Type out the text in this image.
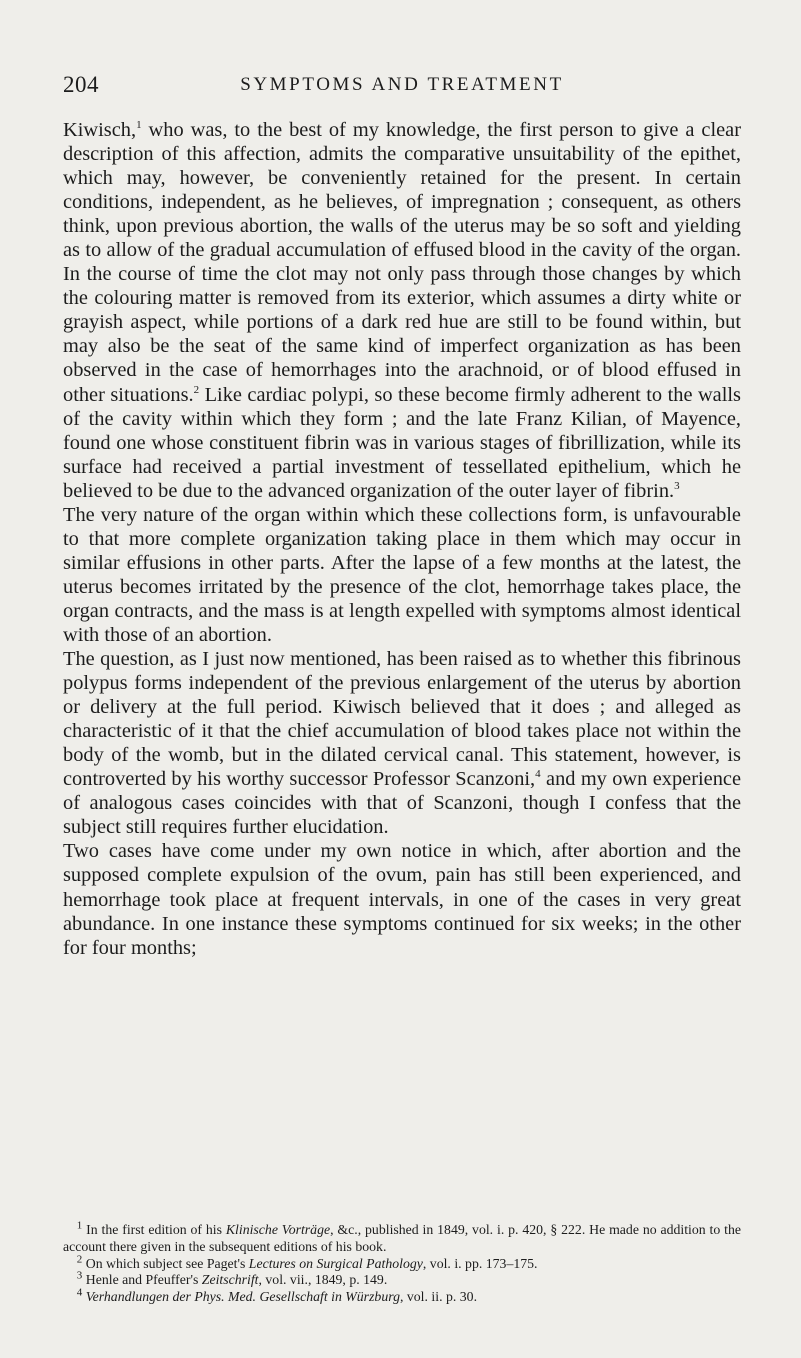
204	SYMPTOMS AND TREATMENT

Kiwisch,$^1$ who was, to the best of my knowledge, the first person to give a clear description of this affection, admits the comparative unsuitability of the epithet, which may, however, be conveniently retained for the present. In certain conditions, independent, as he believes, of impregnation ; consequent, as others think, upon previous abortion, the walls of the uterus may be so soft and yielding as to allow of the gradual accumulation of effused blood in the cavity of the organ. In the course of time the clot may not only pass through those changes by which the colouring matter is removed from its exterior, which assumes a dirty white or grayish aspect, while portions of a dark red hue are still to be found within, but may also be the seat of the same kind of imperfect organization as has been observed in the case of hemorrhages into the arachnoid, or of blood effused in other situations.$^2$ Like cardiac polypi, so these become firmly adherent to the walls of the cavity within which they form ; and the late Franz Kilian, of Mayence, found one whose constituent fibrin was in various stages of fibrillization, while its surface had received a partial investment of tessellated epithelium, which he believed to be due to the advanced organization of the outer layer of fibrin.$^3$

The very nature of the organ within which these collections form, is unfavourable to that more complete organization taking place in them which may occur in similar effusions in other parts. After the lapse of a few months at the latest, the uterus becomes irritated by the presence of the clot, hemorrhage takes place, the organ contracts, and the mass is at length expelled with symptoms almost identical with those of an abortion.

The question, as I just now mentioned, has been raised as to whether this fibrinous polypus forms independent of the previous enlargement of the uterus by abortion or delivery at the full period. Kiwisch believed that it does ; and alleged as characteristic of it that the chief accumulation of blood takes place not within the body of the womb, but in the dilated cervical canal. This statement, however, is controverted by his worthy successor Professor Scanzoni,$^4$ and my own experience of analogous cases coincides with that of Scanzoni, though I confess that the subject still requires further elucidation.

Two cases have come under my own notice in which, after abortion and the supposed complete expulsion of the ovum, pain has still been experienced, and hemorrhage took place at frequent intervals, in one of the cases in very great abundance. In one instance these symptoms continued for six weeks; in the other for four months;

 $^1$ In the first edition of his Klinische Vorträge, &c., published in 1849, vol. i. p. 420, § 222. He made no addition to the account there given in the subsequent editions of his book.

 $^2$ On which subject see Paget's Lectures on Surgical Pathology, vol. i. pp. 173–175.

 $^3$ Henle and Pfeuffer's Zeitschrift, vol. vii., 1849, p. 149.

 $^4$ Verhandlungen der Phys. Med. Gesellschaft in Würzburg, vol. ii. p. 30.
